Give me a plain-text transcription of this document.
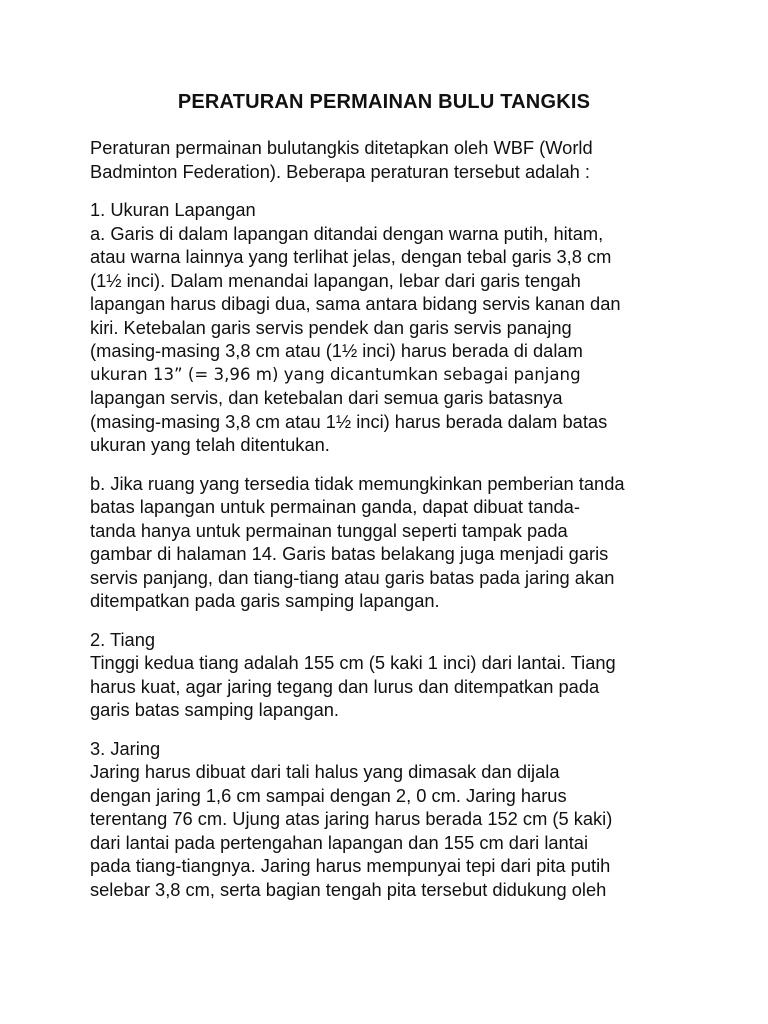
PERATURAN PERMAINAN BULU TANGKIS
Peraturan permainan bulutangkis ditetapkan oleh WBF (World
Badminton Federation). Beberapa peraturan tersebut adalah :
1. Ukuran Lapangan
a. Garis di dalam lapangan ditandai dengan warna putih, hitam,
atau warna lainnya yang terlihat jelas, dengan tebal garis 3,8 cm
(1½ inci). Dalam menandai lapangan, lebar dari garis tengah
lapangan harus dibagi dua, sama antara bidang servis kanan dan
kiri. Ketebalan garis servis pendek dan garis servis panajng
(masing-masing 3,8 cm atau (1½ inci) harus berada di dalam
ukuran 13” (= 3,96 m) yang dicantumkan sebagai panjang
lapangan servis, dan ketebalan dari semua garis batasnya
(masing-masing 3,8 cm atau 1½ inci) harus berada dalam batas
ukuran yang telah ditentukan.
b. Jika ruang yang tersedia tidak memungkinkan pemberian tanda
batas lapangan untuk permainan ganda, dapat dibuat tanda-
tanda hanya untuk permainan tunggal seperti tampak pada
gambar di halaman 14. Garis batas belakang juga menjadi garis
servis panjang, dan tiang-tiang atau garis batas pada jaring akan
ditempatkan pada garis samping lapangan.
2. Tiang
Tinggi kedua tiang adalah 155 cm (5 kaki 1 inci) dari lantai. Tiang
harus kuat, agar jaring tegang dan lurus dan ditempatkan pada
garis batas samping lapangan.
3. Jaring
Jaring harus dibuat dari tali halus yang dimasak dan dijala
dengan jaring 1,6 cm sampai dengan 2, 0 cm. Jaring harus
terentang 76 cm. Ujung atas jaring harus berada 152 cm (5 kaki)
dari lantai pada pertengahan lapangan dan 155 cm dari lantai
pada tiang-tiangnya. Jaring harus mempunyai tepi dari pita putih
selebar 3,8 cm, serta bagian tengah pita tersebut didukung oleh
